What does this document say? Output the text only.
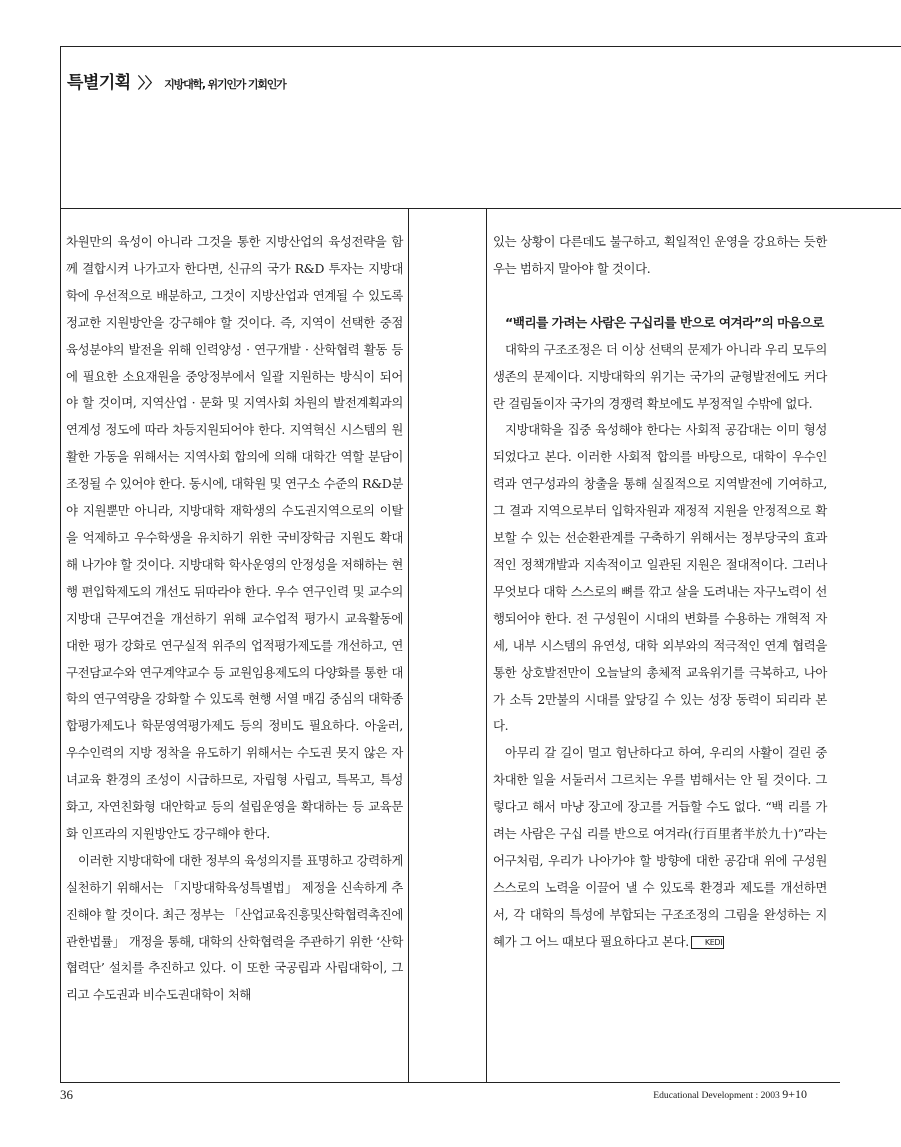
특별기획 〉〉 지방대학, 위기인가 기회인가

차원만의 육성이 아니라 그것을 통한 지방산업의 육성전략을 함께 결합시켜 나가고자 한다면, 신규의 국가 R&D 투자는 지방대학에 우선적으로 배분하고, 그것이 지방산업과 연계될 수 있도록 정교한 지원방안을 강구해야 할 것이다. 즉, 지역이 선택한 중점 육성분야의 발전을 위해 인력양성 · 연구개발 · 산학협력 활동 등에 필요한 소요재원을 중앙정부에서 일괄 지원하는 방식이 되어야 할 것이며, 지역산업 · 문화 및 지역사회 차원의 발전계획과의 연계성 정도에 따라 차등지원되어야 한다. 지역혁신 시스템의 원활한 가동을 위해서는 지역사회 합의에 의해 대학간 역할 분담이 조정될 수 있어야 한다. 동시에, 대학원 및 연구소 수준의 R&D분야 지원뿐만 아니라, 지방대학 재학생의 수도권지역으로의 이탈을 억제하고 우수학생을 유치하기 위한 국비장학금 지원도 확대해 나가야 할 것이다. 지방대학 학사운영의 안정성을 저해하는 현행 편입학제도의 개선도 뒤따라야 한다. 우수 연구인력 및 교수의 지방대 근무여건을 개선하기 위해 교수업적 평가시 교육활동에 대한 평가 강화로 연구실적 위주의 업적평가제도를 개선하고, 연구전담교수와 연구계약교수 등 교원임용제도의 다양화를 통한 대학의 연구역량을 강화할 수 있도록 현행 서열 매김 중심의 대학종합평가제도나 학문영역평가제도 등의 정비도 필요하다. 아울러, 우수인력의 지방 정착을 유도하기 위해서는 수도권 못지 않은 자녀교육 환경의 조성이 시급하므로, 자립형 사립고, 특목고, 특성화고, 자연친화형 대안학교 등의 설립운영을 확대하는 등 교육문화 인프라의 지원방안도 강구해야 한다.

이러한 지방대학에 대한 정부의 육성의지를 표명하고 강력하게 실천하기 위해서는 「지방대학육성특별법」 제정을 신속하게 추진해야 할 것이다. 최근 정부는 「산업교육진흥및산학협력촉진에관한법률」 개정을 통해, 대학의 산학협력을 주관하기 위한 ‘산학협력단’ 설치를 추진하고 있다. 이 또한 국공립과 사립대학이, 그리고 수도권과 비수도권대학이 처해

있는 상황이 다른데도 불구하고, 획일적인 운영을 강요하는 듯한 우는 범하지 말아야 할 것이다.

“백리를 가려는 사람은 구십리를 반으로 여겨라”의 마음으로

대학의 구조조정은 더 이상 선택의 문제가 아니라 우리 모두의 생존의 문제이다. 지방대학의 위기는 국가의 균형발전에도 커다란 걸림돌이자 국가의 경쟁력 확보에도 부정적일 수밖에 없다.

지방대학을 집중 육성해야 한다는 사회적 공감대는 이미 형성되었다고 본다. 이러한 사회적 합의를 바탕으로, 대학이 우수인력과 연구성과의 창출을 통해 실질적으로 지역발전에 기여하고, 그 결과 지역으로부터 입학자원과 재정적 지원을 안정적으로 확보할 수 있는 선순환관계를 구축하기 위해서는 정부당국의 효과적인 정책개발과 지속적이고 일관된 지원은 절대적이다. 그러나 무엇보다 대학 스스로의 뼈를 깎고 살을 도려내는 자구노력이 선행되어야 한다. 전 구성원이 시대의 변화를 수용하는 개혁적 자세, 내부 시스템의 유연성, 대학 외부와의 적극적인 연계 협력을 통한 상호발전만이 오늘날의 총체적 교육위기를 극복하고, 나아가 소득 2만불의 시대를 앞당길 수 있는 성장 동력이 되리라 본다.

아무리 갈 길이 멀고 험난하다고 하여, 우리의 사활이 걸린 중차대한 일을 서둘러서 그르치는 우를 범해서는 안 될 것이다. 그렇다고 해서 마냥 장고에 장고를 거듭할 수도 없다. “백 리를 가려는 사람은 구십 리를 반으로 여겨라(行百里者半於九十)”라는 어구처럼, 우리가 나아가야 할 방향에 대한 공감대 위에 구성원 스스로의 노력을 이끌어 낼 수 있도록 환경과 제도를 개선하면서, 각 대학의 특성에 부합되는 구조조정의 그림을 완성하는 지혜가 그 어느 때보다 필요하다고 본다. KEDI

36	Educational Development : 2003 9+10
